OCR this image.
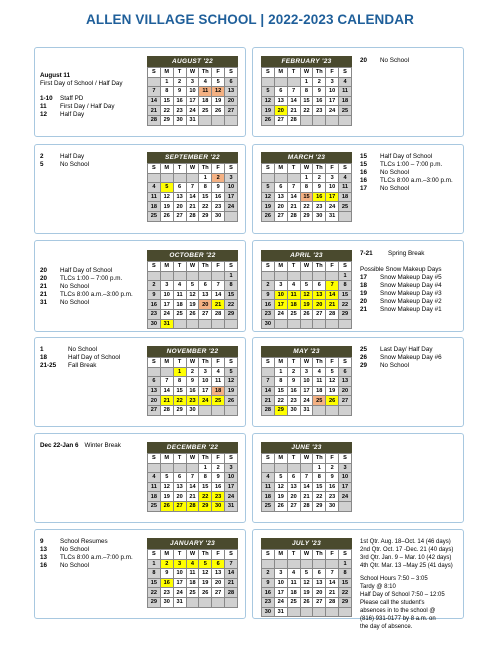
ALLEN VILLAGE SCHOOL | 2022-2023 CALENDAR
AUGUST '22
S	M	T	W	Th	F	S
	1	2	3	4	5	6
7	8	9	10	11	12	13
14	15	16	17	18	19	20
21	22	23	24	25	26	27
28	29	30	31			
FEBRUARY '23
S	M	T	W	Th	F	S
			1	2	3	4
5	6	7	8	9	10	11
12	13	14	15	16	17	18
19	20	21	22	23	24	25
26	27	28				
SEPTEMBER '22
S	M	T	W	Th	F	S
				1	2	3
4	5	6	7	8	9	10
11	12	13	14	15	16	17
18	19	20	21	22	23	24
25	26	27	28	29	30	
MARCH '23
S	M	T	W	Th	F	S
			1	2	3	4
5	6	7	8	9	10	11
12	13	14	15	16	17	18
19	20	21	22	23	24	25
26	27	28	29	30	31	
OCTOBER '22
S	M	T	W	Th	F	S
						1
2	3	4	5	6	7	8
9	10	11	12	13	14	15
16	17	18	19	20	21	22
23	24	25	26	27	28	29
30	31					
APRIL '23
S	M	T	W	Th	F	S
						1
2	3	4	5	6	7	8
9	10	11	12	13	14	15
16	17	18	19	20	21	22
23	24	25	26	27	28	29
30						
NOVEMBER '22
S	M	T	W	Th	F	S
		1	2	3	4	5
6	7	8	9	10	11	12
13	14	15	16	17	18	19
20	21	22	23	24	25	26
27	28	29	30			
MAY '23
S	M	T	W	Th	F	S
	1	2	3	4	5	6
7	8	9	10	11	12	13
14	15	16	17	18	19	20
21	22	23	24	25	26	27
28	29	30	31			
DECEMBER '22
S	M	T	W	Th	F	S
				1	2	3
4	5	6	7	8	9	10
11	12	13	14	15	16	17
18	19	20	21	22	23	24
25	26	27	28	29	30	31
JUNE '23
S	M	T	W	Th	F	S
				1	2	3
4	5	6	7	8	9	10
11	12	13	14	15	16	17
18	19	20	21	22	23	24
25	26	27	28	29	30	
JANUARY '23
S	M	T	W	Th	F	S
1	2	3	4	5	6	7
8	9	10	11	12	13	14
15	16	17	18	19	20	21
22	23	24	25	26	27	28
29	30	31				
JULY '23
S	M	T	W	Th	F	S
						1
2	3	4	5	6	7	8
9	10	11	12	13	14	15
16	17	18	19	20	21	22
23	24	25	26	27	28	29
30	31					
August 11
First Day of School / Half Day
1-10	Staff PD
11	First Day / Half Day
12	Half Day
20	No School
2	Half Day
5	No School
15	Half Day of School
15	TLCs 1:00 – 7:00 p.m.
16	No School
16	TLCs 8:00 a.m.–3:00 p.m.
17	No School
20	Half Day of School
20	TLCs 1:00 – 7:00 p.m.
21	No School
21	TLCs 8:00 a.m.–3:00 p.m.
31	No School
7-21	Spring Break
Possible Snow Makeup Days
17	Snow Makeup Day #5
18	Snow Makeup Day #4
19	Snow Makeup Day #3
20	Snow Makeup Day #2
21	Snow Makeup Day #1
1	No School
18	Half Day of School
21-25	Fall Break
25	Last Day/ Half Day
26	Snow Makeup Day #6
29	No School
Dec 22-Jan 6 Winter Break
9	School Resumes
13	No School
13	TLCs 8:00 a.m.–7:00 p.m.
16	No School
1st Qtr. Aug. 18–Oct. 14 (46 days)
2nd Qtr. Oct. 17 -Dec. 21 (40 days)
3rd Qtr. Jan. 9 – Mar. 10 (42 days)
4th Qtr. Mar. 13 –May 25 (41 days)
School Hours 7:50 – 3:05
Tardy @ 8:10
Half Day of School 7:50 – 12:05
Please call the student's
absences in to the school @
(816) 931-0177 by 8 a.m. on
the day of absence.
